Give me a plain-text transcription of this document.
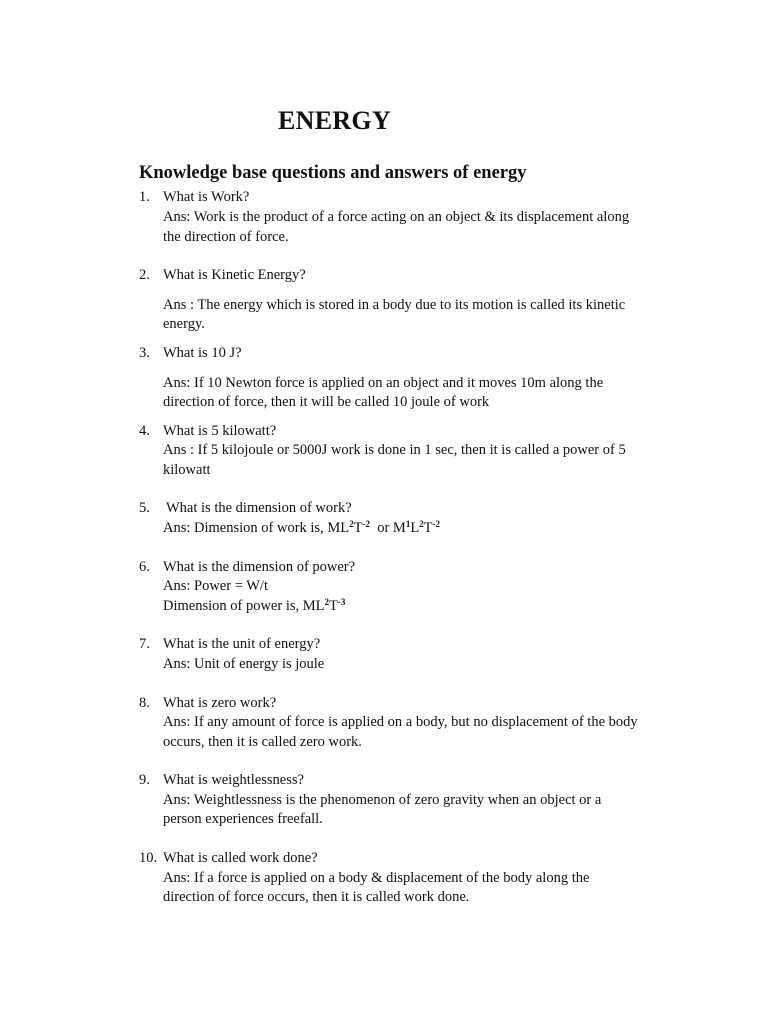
ENERGY
Knowledge base questions and answers of energy
1. What is Work?
Ans: Work is the product of a force acting on an object & its displacement along
the direction of force.
2. What is Kinetic Energy?
Ans : The energy which is stored in a body due to its motion is called its kinetic
energy.
3. What is 10 J?
Ans: If 10 Newton force is applied on an object and it moves 10m along the
direction of force, then it will be called 10 joule of work
4. What is 5 kilowatt?
Ans : If 5 kilojoule or 5000J work is done in 1 sec, then it is called a power of 5
kilowatt
5. What is the dimension of work?
Ans: Dimension of work is, $ML^2T^{-2}$  or $M^1L^2T^{-2}$
6. What is the dimension of power?
Ans: Power = W/t
Dimension of power is, $ML^2T^{-3}$
7. What is the unit of energy?
Ans: Unit of energy is joule
8. What is zero work?
Ans: If any amount of force is applied on a body, but no displacement of the body
occurs, then it is called zero work.
9. What is weightlessness?
Ans: Weightlessness is the phenomenon of zero gravity when an object or a
person experiences freefall.
10. What is called work done?
Ans: If a force is applied on a body & displacement of the body along the
direction of force occurs, then it is called work done.
